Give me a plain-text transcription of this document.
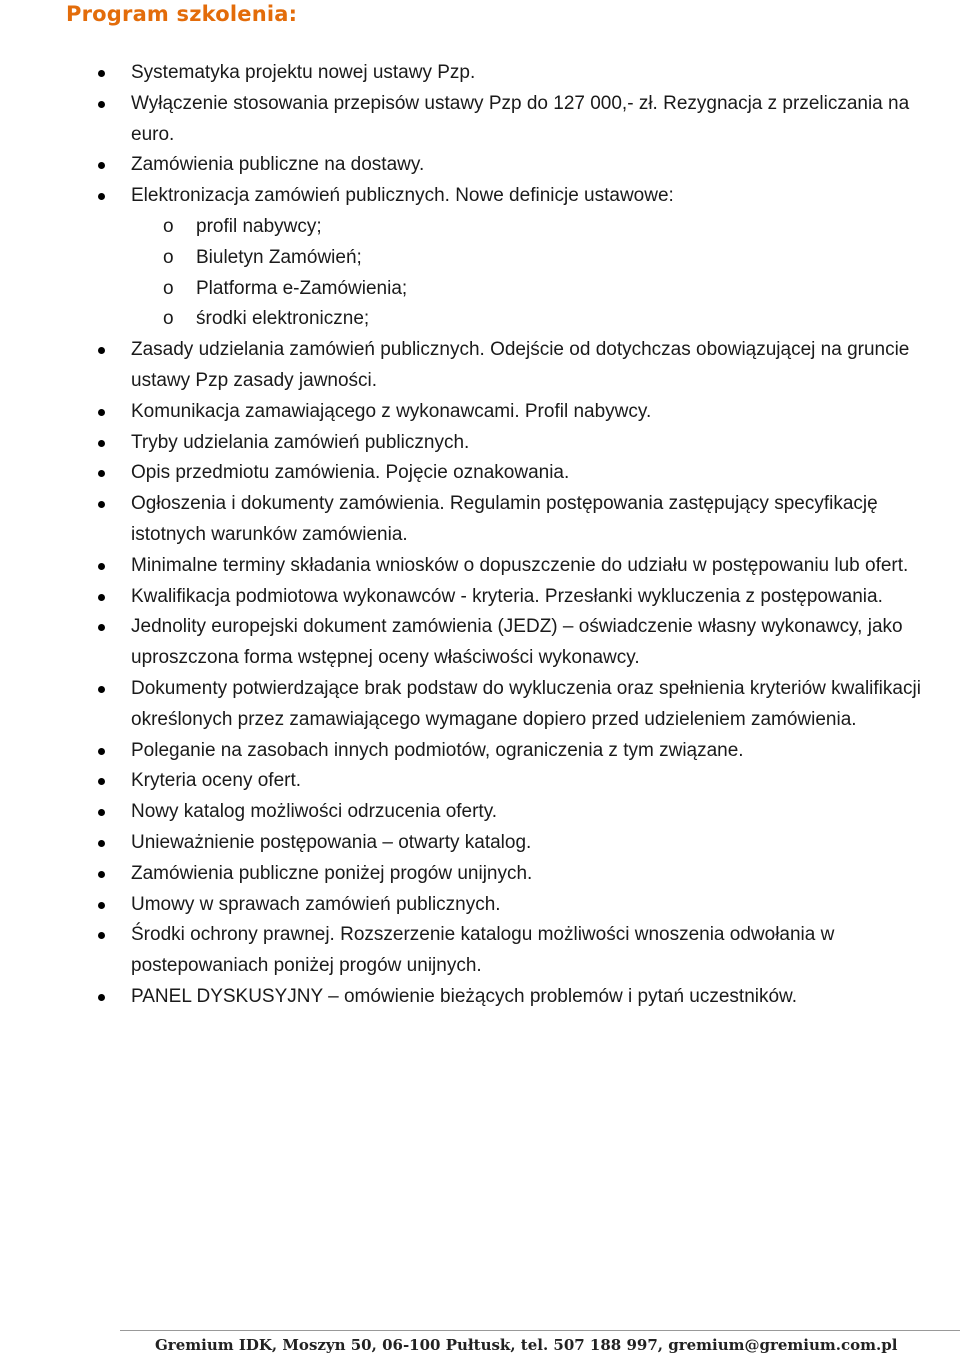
Program szkolenia:
Systematyka projektu nowej ustawy Pzp.
Wyłączenie stosowania przepisów ustawy Pzp do 127 000,- zł. Rezygnacja z przeliczania na euro.
Zamówienia publiczne na dostawy.
Elektronizacja zamówień publicznych. Nowe definicje ustawowe:
o profil nabywcy;
o Biuletyn Zamówień;
o Platforma e-Zamówienia;
o środki elektroniczne;
Zasady udzielania zamówień publicznych. Odejście od dotychczas obowiązującej na gruncie ustawy Pzp zasady jawności.
Komunikacja zamawiającego z wykonawcami. Profil nabywcy.
Tryby udzielania zamówień publicznych.
Opis przedmiotu zamówienia. Pojęcie oznakowania.
Ogłoszenia i dokumenty zamówienia. Regulamin postępowania zastępujący specyfikację istotnych warunków zamówienia.
Minimalne terminy składania wniosków o dopuszczenie do udziału w postępowaniu lub ofert.
Kwalifikacja podmiotowa wykonawców - kryteria. Przesłanki wykluczenia z postępowania.
Jednolity europejski dokument zamówienia (JEDZ) – oświadczenie własny wykonawcy, jako uproszczona forma wstępnej oceny właściwości wykonawcy.
Dokumenty potwierdzające brak podstaw do wykluczenia oraz spełnienia kryteriów kwalifikacji określonych przez zamawiającego wymagane dopiero przed udzieleniem zamówienia.
Poleganie na zasobach innych podmiotów, ograniczenia z tym związane.
Kryteria oceny ofert.
Nowy katalog możliwości odrzucenia oferty.
Unieważnienie postępowania – otwarty katalog.
Zamówienia publiczne poniżej progów unijnych.
Umowy w sprawach zamówień publicznych.
Środki ochrony prawnej. Rozszerzenie katalogu możliwości wnoszenia odwołania w postepowaniach poniżej progów unijnych.
PANEL DYSKUSYJNY – omówienie bieżących problemów i pytań uczestników.
Gremium IDK, Moszyn 50, 06-100 Pułtusk, tel. 507 188 997, gremium@gremium.com.pl
